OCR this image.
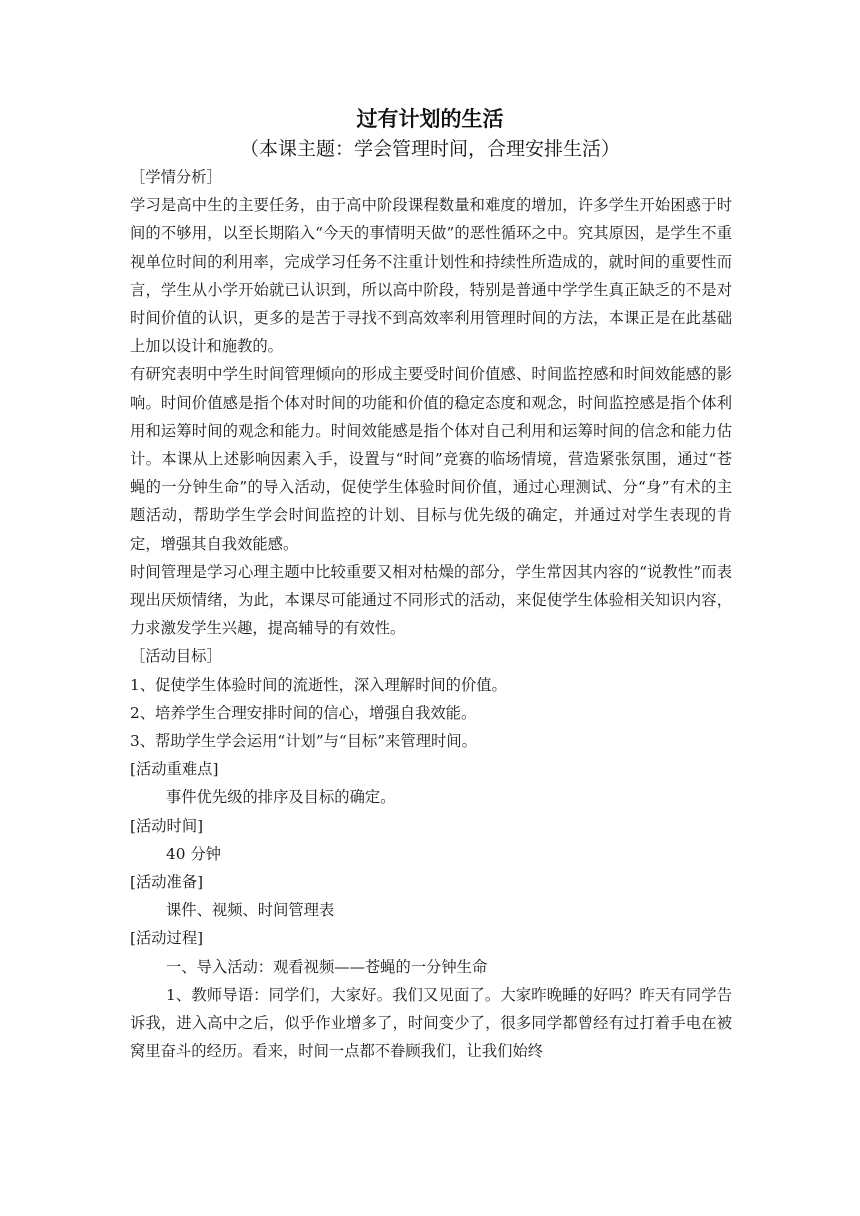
过有计划的生活
（本课主题：学会管理时间，合理安排生活）

［学情分析］

学习是高中生的主要任务，由于高中阶段课程数量和难度的增加，许多学生开始困惑于时间的不够用，以至长期陷入“今天的事情明天做”的恶性循环之中。究其原因，是学生不重视单位时间的利用率，完成学习任务不注重计划性和持续性所造成的，就时间的重要性而言，学生从小学开始就已认识到，所以高中阶段，特别是普通中学学生真正缺乏的不是对时间价值的认识，更多的是苦于寻找不到高效率利用管理时间的方法，本课正是在此基础上加以设计和施教的。

有研究表明中学生时间管理倾向的形成主要受时间价值感、时间监控感和时间效能感的影响。时间价值感是指个体对时间的功能和价值的稳定态度和观念，时间监控感是指个体利用和运筹时间的观念和能力。时间效能感是指个体对自己利用和运筹时间的信念和能力估计。本课从上述影响因素入手，设置与“时间”竞赛的临场情境，营造紧张氛围，通过“苍蝇的一分钟生命”的导入活动，促使学生体验时间价值，通过心理测试、分“身”有术的主题活动，帮助学生学会时间监控的计划、目标与优先级的确定，并通过对学生表现的肯定，增强其自我效能感。

时间管理是学习心理主题中比较重要又相对枯燥的部分，学生常因其内容的“说教性”而表现出厌烦情绪，为此，本课尽可能通过不同形式的活动，来促使学生体验相关知识内容，力求激发学生兴趣，提高辅导的有效性。

［活动目标］

1、促使学生体验时间的流逝性，深入理解时间的价值。

2、培养学生合理安排时间的信心，增强自我效能。

3、帮助学生学会运用“计划”与“目标”来管理时间。

[活动重难点]

事件优先级的排序及目标的确定。

[活动时间]

40 分钟

[活动准备]

课件、视频、时间管理表

[活动过程]

一、导入活动：观看视频——苍蝇的一分钟生命

1、教师导语：同学们，大家好。我们又见面了。大家昨晚睡的好吗？昨天有同学告诉我，进入高中之后，似乎作业增多了，时间变少了，很多同学都曾经有过打着手电在被窝里奋斗的经历。看来，时间一点都不眷顾我们，让我们始终
